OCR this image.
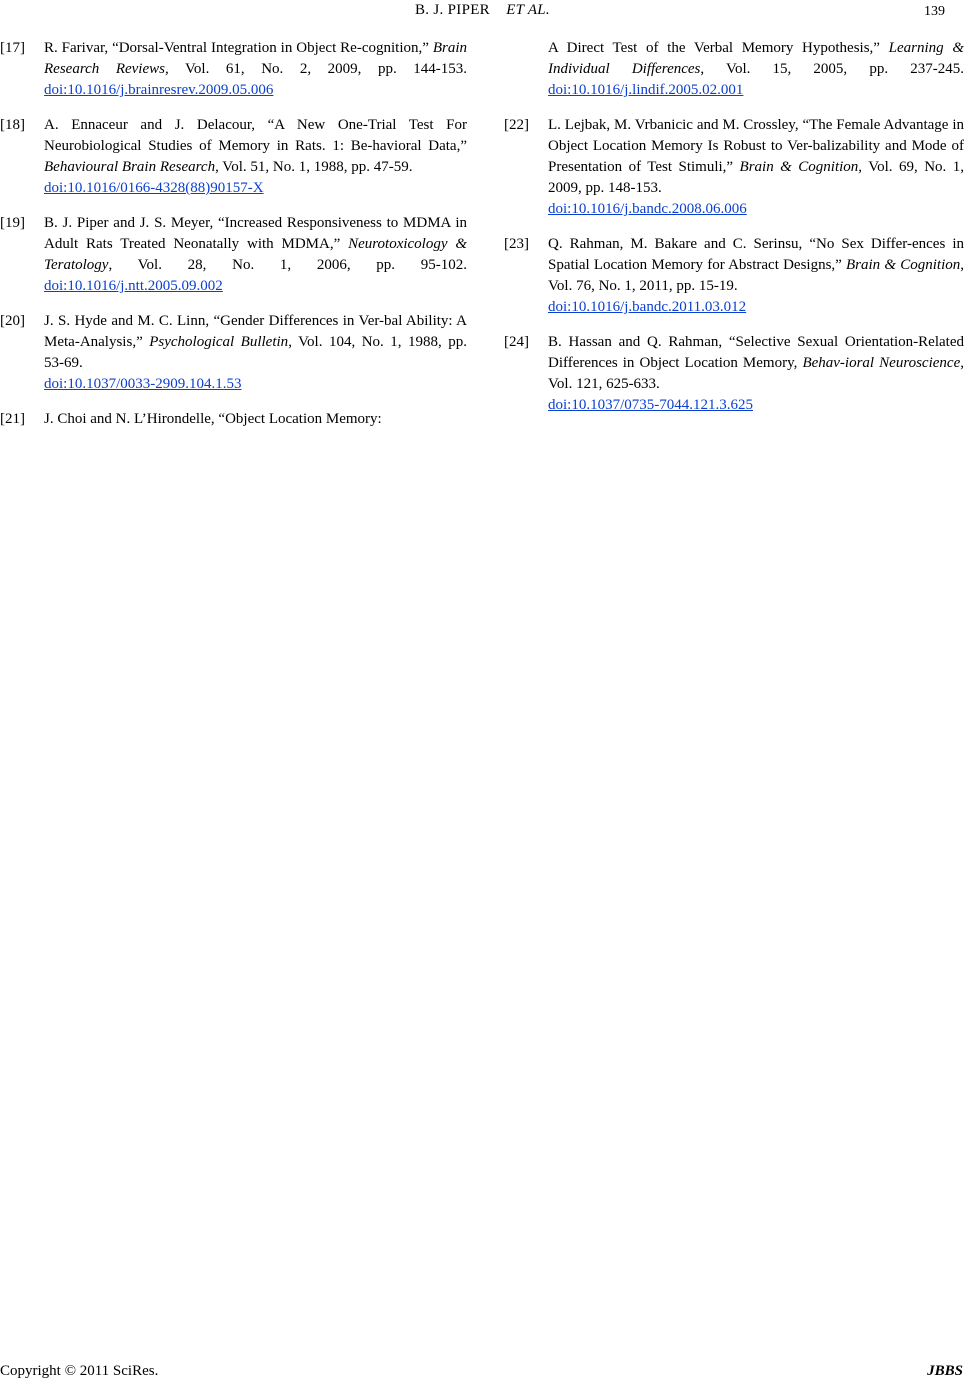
B. J. PIPER ET AL.	139
[17] R. Farivar, “Dorsal-Ventral Integration in Object Re-cognition,” Brain Research Reviews, Vol. 61, No. 2, 2009, pp. 144-153. doi:10.1016/j.brainresrev.2009.05.006
[18] A. Ennaceur and J. Delacour, “A New One-Trial Test For Neurobiological Studies of Memory in Rats. 1: Be-havioral Data,” Behavioural Brain Research, Vol. 51, No. 1, 1988, pp. 47-59.
doi:10.1016/0166-4328(88)90157-X
[19] B. J. Piper and J. S. Meyer, “Increased Responsiveness to MDMA in Adult Rats Treated Neonatally with MDMA,” Neurotoxicology & Teratology, Vol. 28, No. 1, 2006, pp. 95-102. doi:10.1016/j.ntt.2005.09.002
[20] J. S. Hyde and M. C. Linn, “Gender Differences in Ver-bal Ability: A Meta-Analysis,” Psychological Bulletin, Vol. 104, No. 1, 1988, pp. 53-69.
doi:10.1037/0033-2909.104.1.53
[21] J. Choi and N. L’Hirondelle, “Object Location Memory:
A Direct Test of the Verbal Memory Hypothesis,” Learning & Individual Differences, Vol. 15, 2005, pp. 237-245. doi:10.1016/j.lindif.2005.02.001
[22] L. Lejbak, M. Vrbanicic and M. Crossley, “The Female Advantage in Object Location Memory Is Robust to Ver-balizability and Mode of Presentation of Test Stimuli,” Brain & Cognition, Vol. 69, No. 1, 2009, pp. 148-153.
doi:10.1016/j.bandc.2008.06.006
[23] Q. Rahman, M. Bakare and C. Serinsu, “No Sex Differ-ences in Spatial Location Memory for Abstract Designs,” Brain & Cognition, Vol. 76, No. 1, 2011, pp. 15-19.
doi:10.1016/j.bandc.2011.03.012
[24] B. Hassan and Q. Rahman, “Selective Sexual Orientation-Related Differences in Object Location Memory, Behav-ioral Neuroscience, Vol. 121, 625-633.
doi:10.1037/0735-7044.121.3.625
Copyright © 2011 SciRes.	JBBS
